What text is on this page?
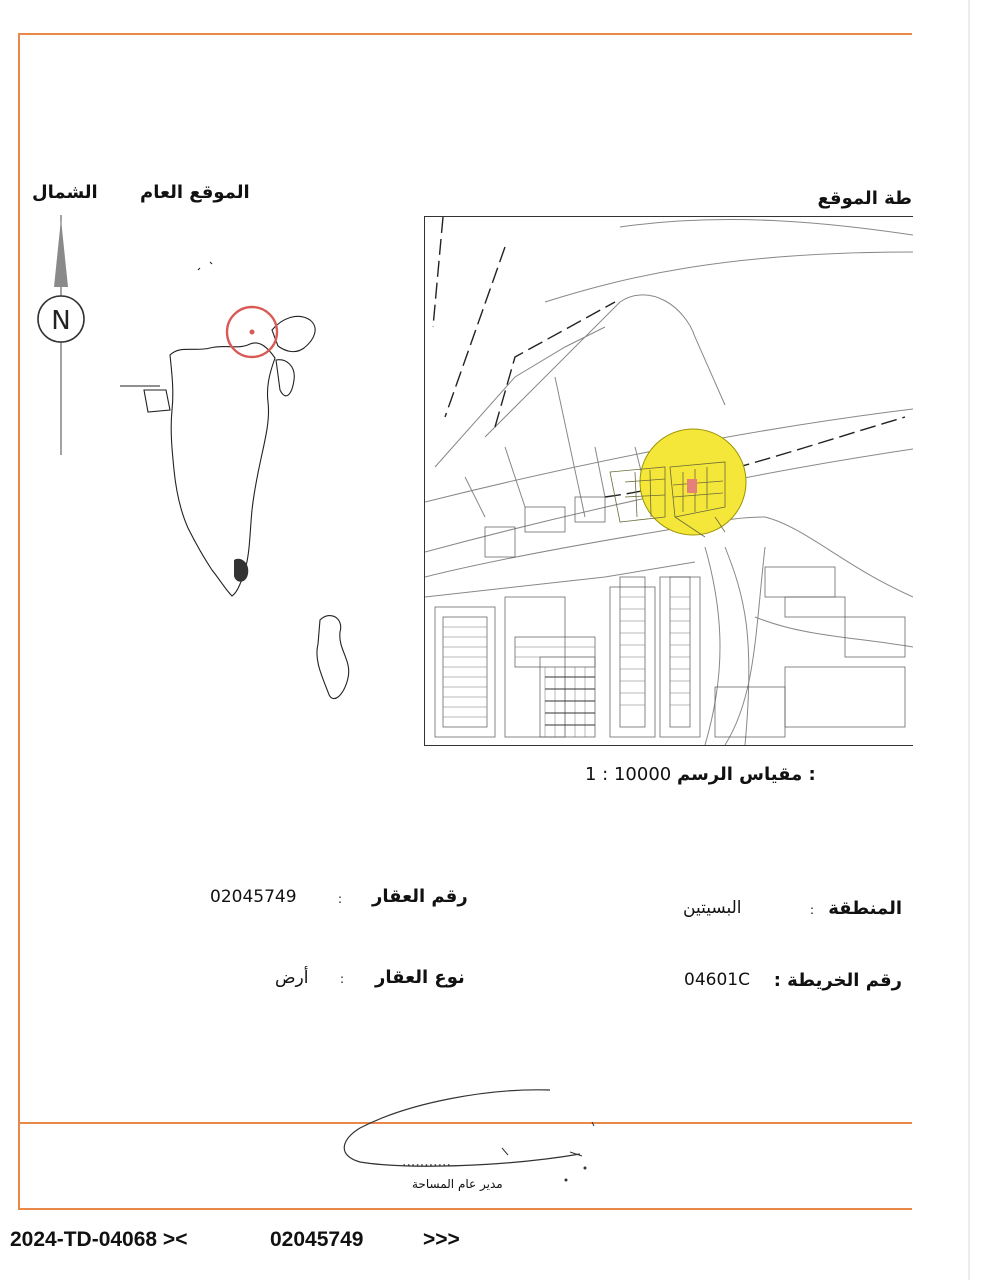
الشمال الموقع العام	طة الموقع
N
1 : 10000 مقياس الرسم :
المنطقة
:
البسيتين
رقم الخريطة :
04601C
رقم العقار
:
02045749
نوع العقار
:
أرض
...........
مدير عام المساحة
2024-TD-04068 ><	02045749	>>>
